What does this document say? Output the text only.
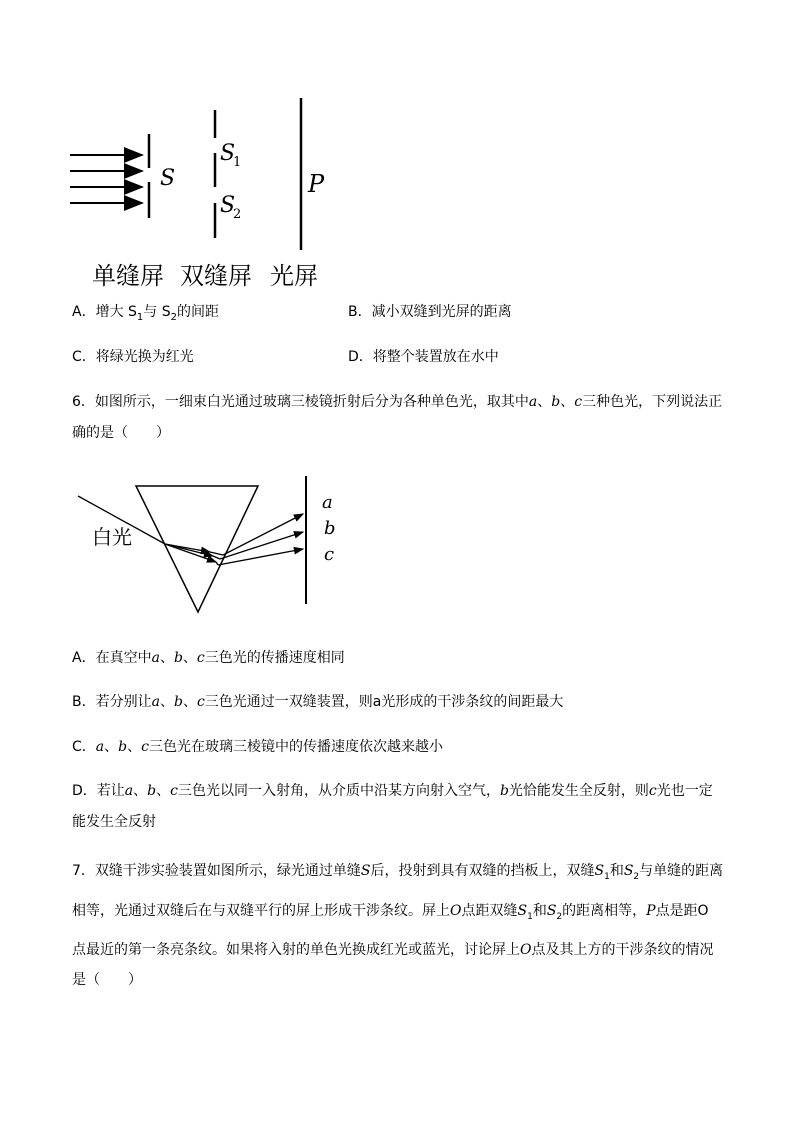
S
S
1
S
2
P
单缝屏 双缝屏 光屏
A．增大 $S_1$与 $S_2$的间距	B．减小双缝到光屏的距离
C．将绿光换为红光	D．将整个装置放在水中
6．如图所示，一细束白光通过玻璃三棱镜折射后分为各种单色光，取其中a、b、c三种色光，下列说法正
确的是（　　）
白光
a
b
c
A．在真空中a、b、c三色光的传播速度相同
B．若分别让a、b、c三色光通过一双缝装置，则a光形成的干涉条纹的间距最大
C．a、b、c三色光在玻璃三棱镜中的传播速度依次越来越小
D．若让a、b、c三色光以同一入射角，从介质中沿某方向射入空气，b光恰能发生全反射，则c光也一定
能发生全反射
7．双缝干涉实验装置如图所示，绿光通过单缝S后，投射到具有双缝的挡板上，双缝$S_1$和$S_2$与单缝的距离
相等，光通过双缝后在与双缝平行的屏上形成干涉条纹。屏上O点距双缝$S_1$和$S_2$的距离相等，P点是距O
点最近的第一条亮条纹。如果将入射的单色光换成红光或蓝光，讨论屏上O点及其上方的干涉条纹的情况
是（　　）
